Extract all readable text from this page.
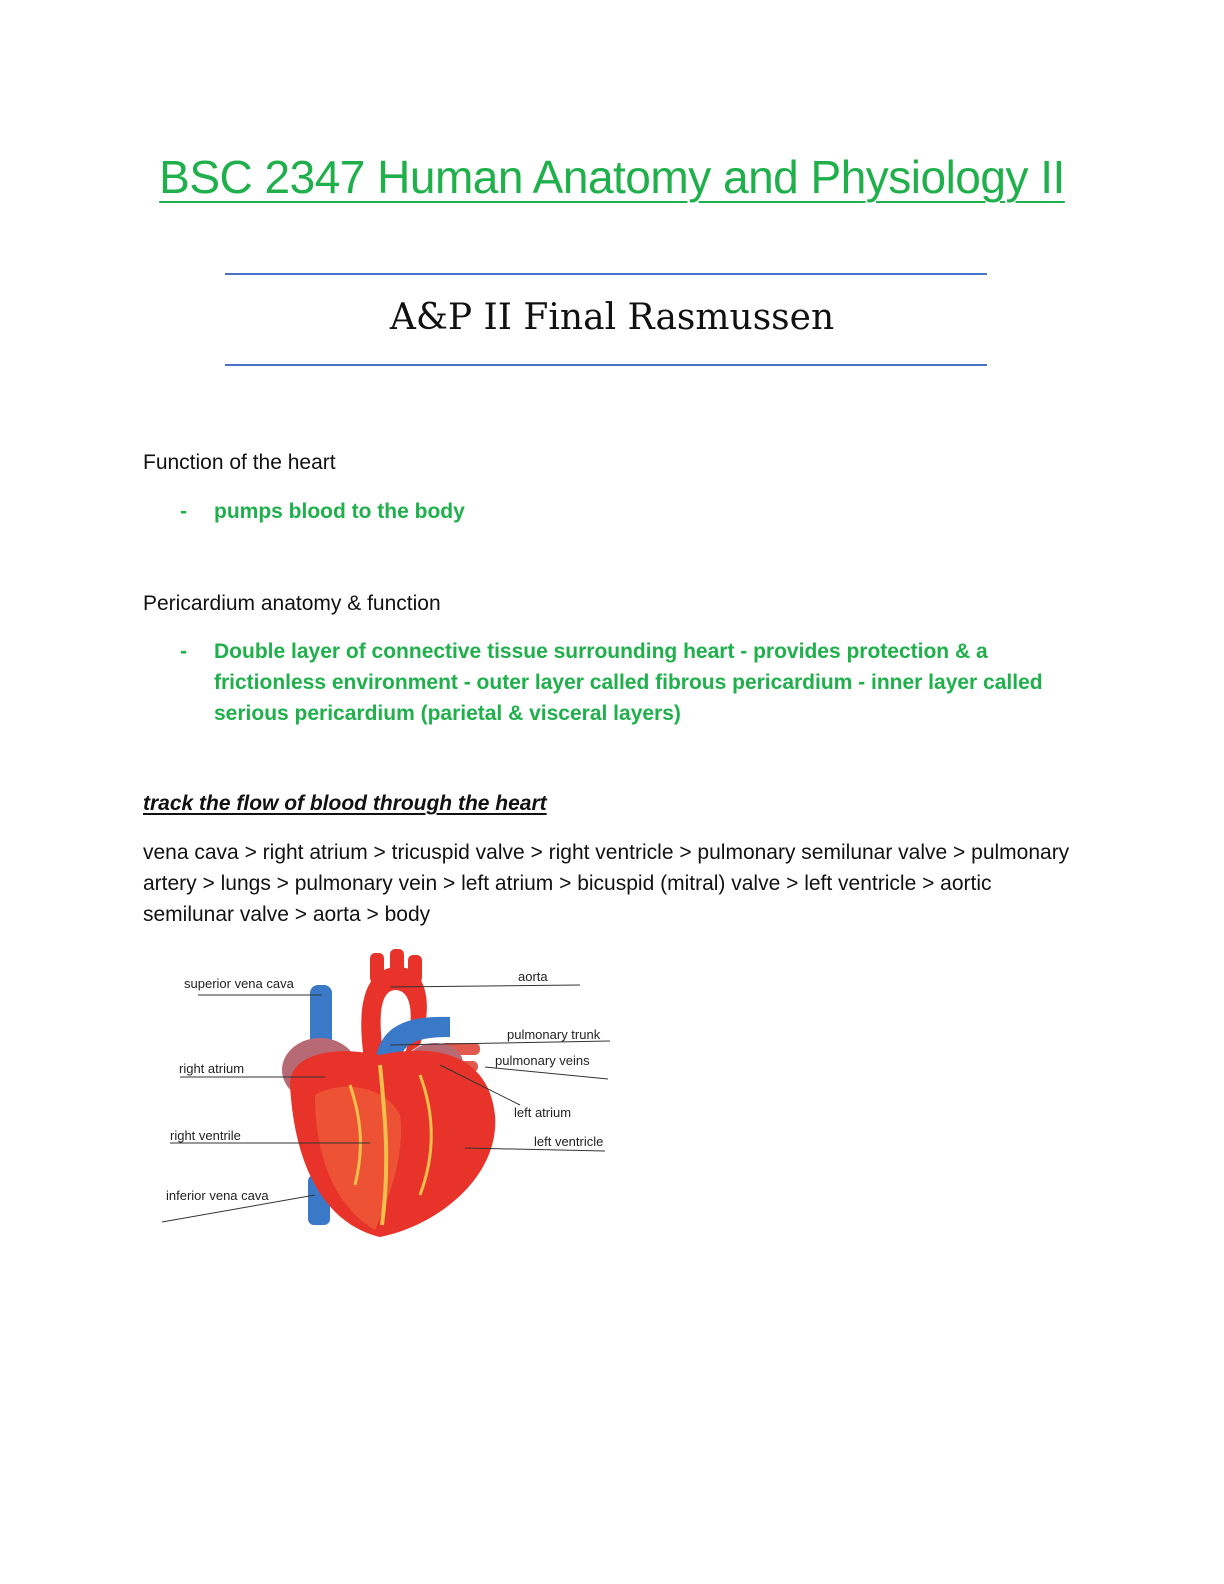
BSC 2347 Human Anatomy and Physiology II
A&P II Final Rasmussen
Function of the heart
- pumps blood to the body
Pericardium anatomy & function
- Double layer of connective tissue surrounding heart - provides protection & a frictionless environment - outer layer called fibrous pericardium - inner layer called serious pericardium (parietal & visceral layers)
track the flow of blood through the heart
vena cava > right atrium > tricuspid valve > right ventricle > pulmonary semilunar valve > pulmonary artery > lungs > pulmonary vein > left atrium > bicuspid (mitral) valve > left ventricle > aortic semilunar valve > aorta > body
superior vena cava	aorta
pulmonary trunk
pulmonary veins
right atrium
left atrium
right ventrile	left ventricle
inferior vena cava
